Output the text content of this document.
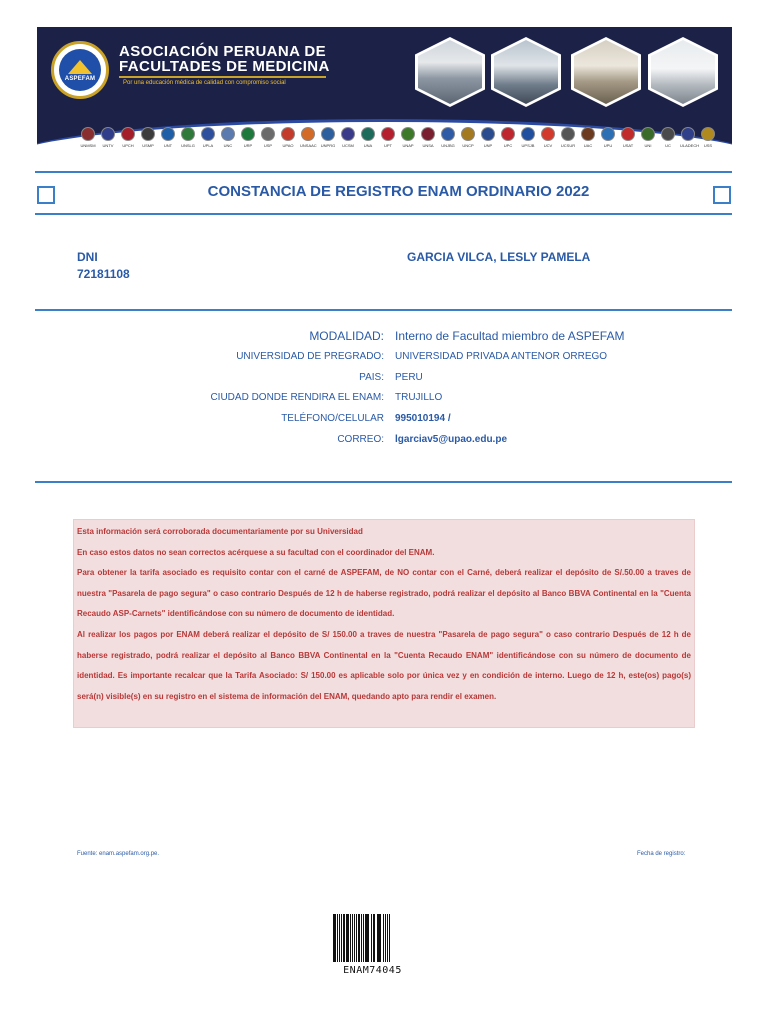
ASPEFAM
ASOCIACIÓN PERUANA DE FACULTADES DE MEDICINA
Por una educación médica de calidad con compromiso social
UNMSM	UNTV	UPCH	USMP	UNT	UNSLG	UPLA	UNC	URP	USP	UPAO	UNSAAC UNPRG	UCSM	UNA	UPT	UNAP	UNSA	UNJBG	UNCP	UNP	UPC	UPSJB	UCV	UCSUR	UAC	UPU	USAT	UNI	UC	ULADECH	USS
CONSTANCIA DE REGISTRO ENAM ORDINARIO 2022
DNI
72181108
GARCIA VILCA, LESLY PAMELA
MODALIDAD: Interno de Facultad miembro de ASPEFAM
UNIVERSIDAD DE PREGRADO: UNIVERSIDAD PRIVADA ANTENOR ORREGO
PAIS: PERU
CIUDAD DONDE RENDIRA EL ENAM: TRUJILLO
TELÉFONO/CELULAR 995010194 /
CORREO: lgarciav5@upao.edu.pe

Esta información será corroborada documentariamente por su Universidad

En caso estos datos no sean correctos acérquese a su facultad con el coordinador del ENAM.

Para obtener la tarifa asociado es requisito contar con el carné de ASPEFAM, de NO contar con el Carné, deberá realizar el depósito de S/.50.00 a traves de nuestra "Pasarela de pago segura" o caso contrario Después de 12 h de haberse registrado, podrá realizar el depósito al Banco BBVA Continental en la "Cuenta Recaudo ASP-Carnets" identificándose con su número de documento de identidad.

Al realizar los pagos por ENAM deberá realizar el depósito de S/ 150.00 a traves de nuestra "Pasarela de pago segura" o caso contrario Después de 12 h de haberse registrado, podrá realizar el depósito al Banco BBVA Continental en la "Cuenta Recaudo ENAM" identificándose con su número de documento de identidad. Es importante recalcar que la Tarifa Asociado: S/ 150.00 es aplicable solo por única vez y en condición de interno. Luego de 12 h, este(os) pago(s) será(n) visible(s) en su registro en el sistema de información del ENAM, quedando apto para rendir el examen.

Fuente: enam.aspefam.org.pe.	Fecha de registro:
ENAM74045
